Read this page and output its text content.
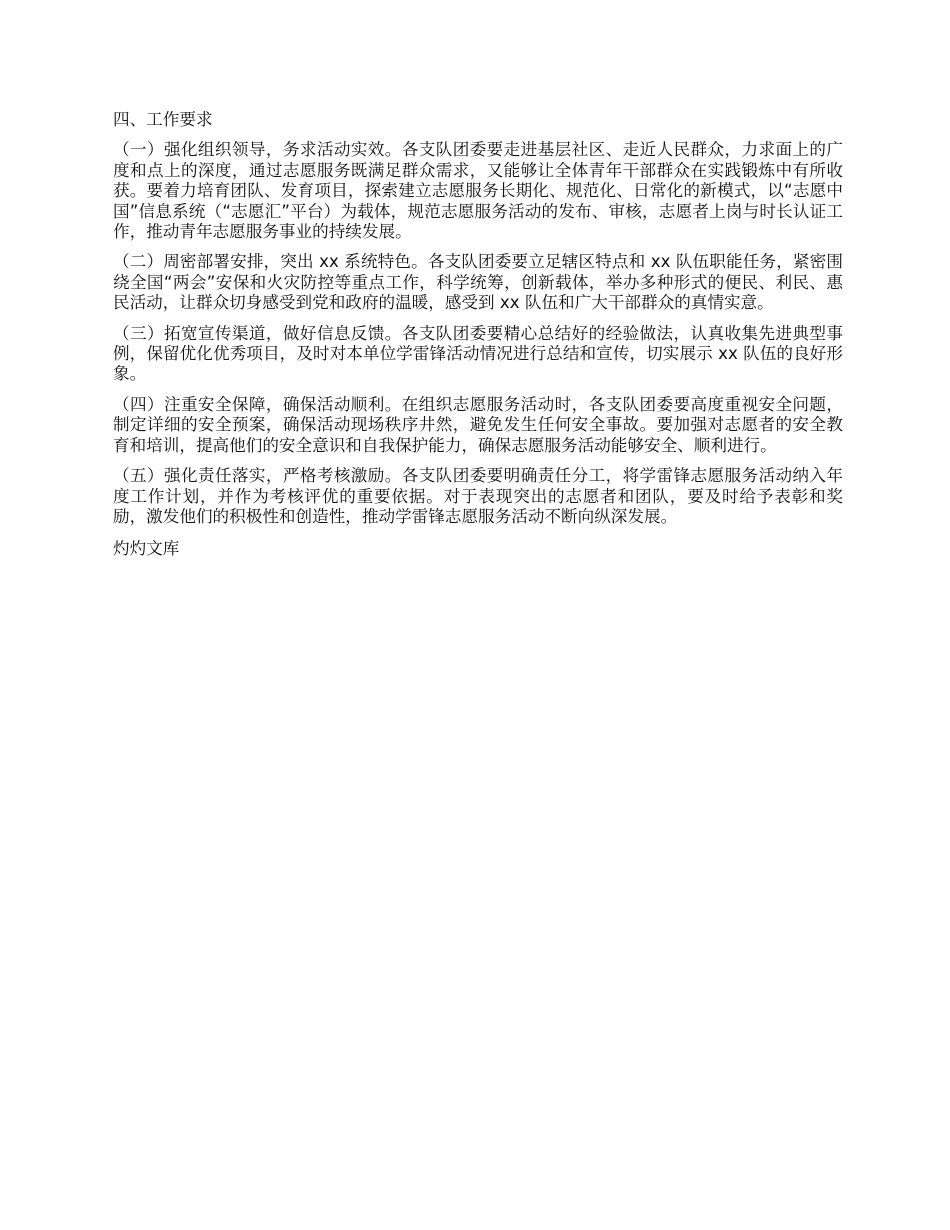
四、工作要求
（一）强化组织领导，务求活动实效。各支队团委要走进基层社区、走近人民群众，力求面上的广度和点上的深度，通过志愿服务既满足群众需求，又能够让全体青年干部群众在实践锻炼中有所收获。要着力培育团队、发育项目，探索建立志愿服务长期化、规范化、日常化的新模式，以“志愿中国”信息系统（“志愿汇”平台）为载体，规范志愿服务活动的发布、审核，志愿者上岗与时长认证工作，推动青年志愿服务事业的持续发展。
（二）周密部署安排，突出 xx 系统特色。各支队团委要立足辖区特点和 xx 队伍职能任务，紧密围绕全国“两会”安保和火灾防控等重点工作，科学统筹，创新载体，举办多种形式的便民、利民、惠民活动，让群众切身感受到党和政府的温暖，感受到 xx 队伍和广大干部群众的真情实意。
（三）拓宽宣传渠道，做好信息反馈。各支队团委要精心总结好的经验做法，认真收集先进典型事例，保留优化优秀项目，及时对本单位学雷锋活动情况进行总结和宣传，切实展示 xx 队伍的良好形象。
（四）注重安全保障，确保活动顺利。在组织志愿服务活动时，各支队团委要高度重视安全问题，制定详细的安全预案，确保活动现场秩序井然，避免发生任何安全事故。要加强对志愿者的安全教育和培训，提高他们的安全意识和自我保护能力，确保志愿服务活动能够安全、顺利进行。
（五）强化责任落实，严格考核激励。各支队团委要明确责任分工，将学雷锋志愿服务活动纳入年度工作计划，并作为考核评优的重要依据。对于表现突出的志愿者和团队，要及时给予表彰和奖励，激发他们的积极性和创造性，推动学雷锋志愿服务活动不断向纵深发展。
灼灼文库
